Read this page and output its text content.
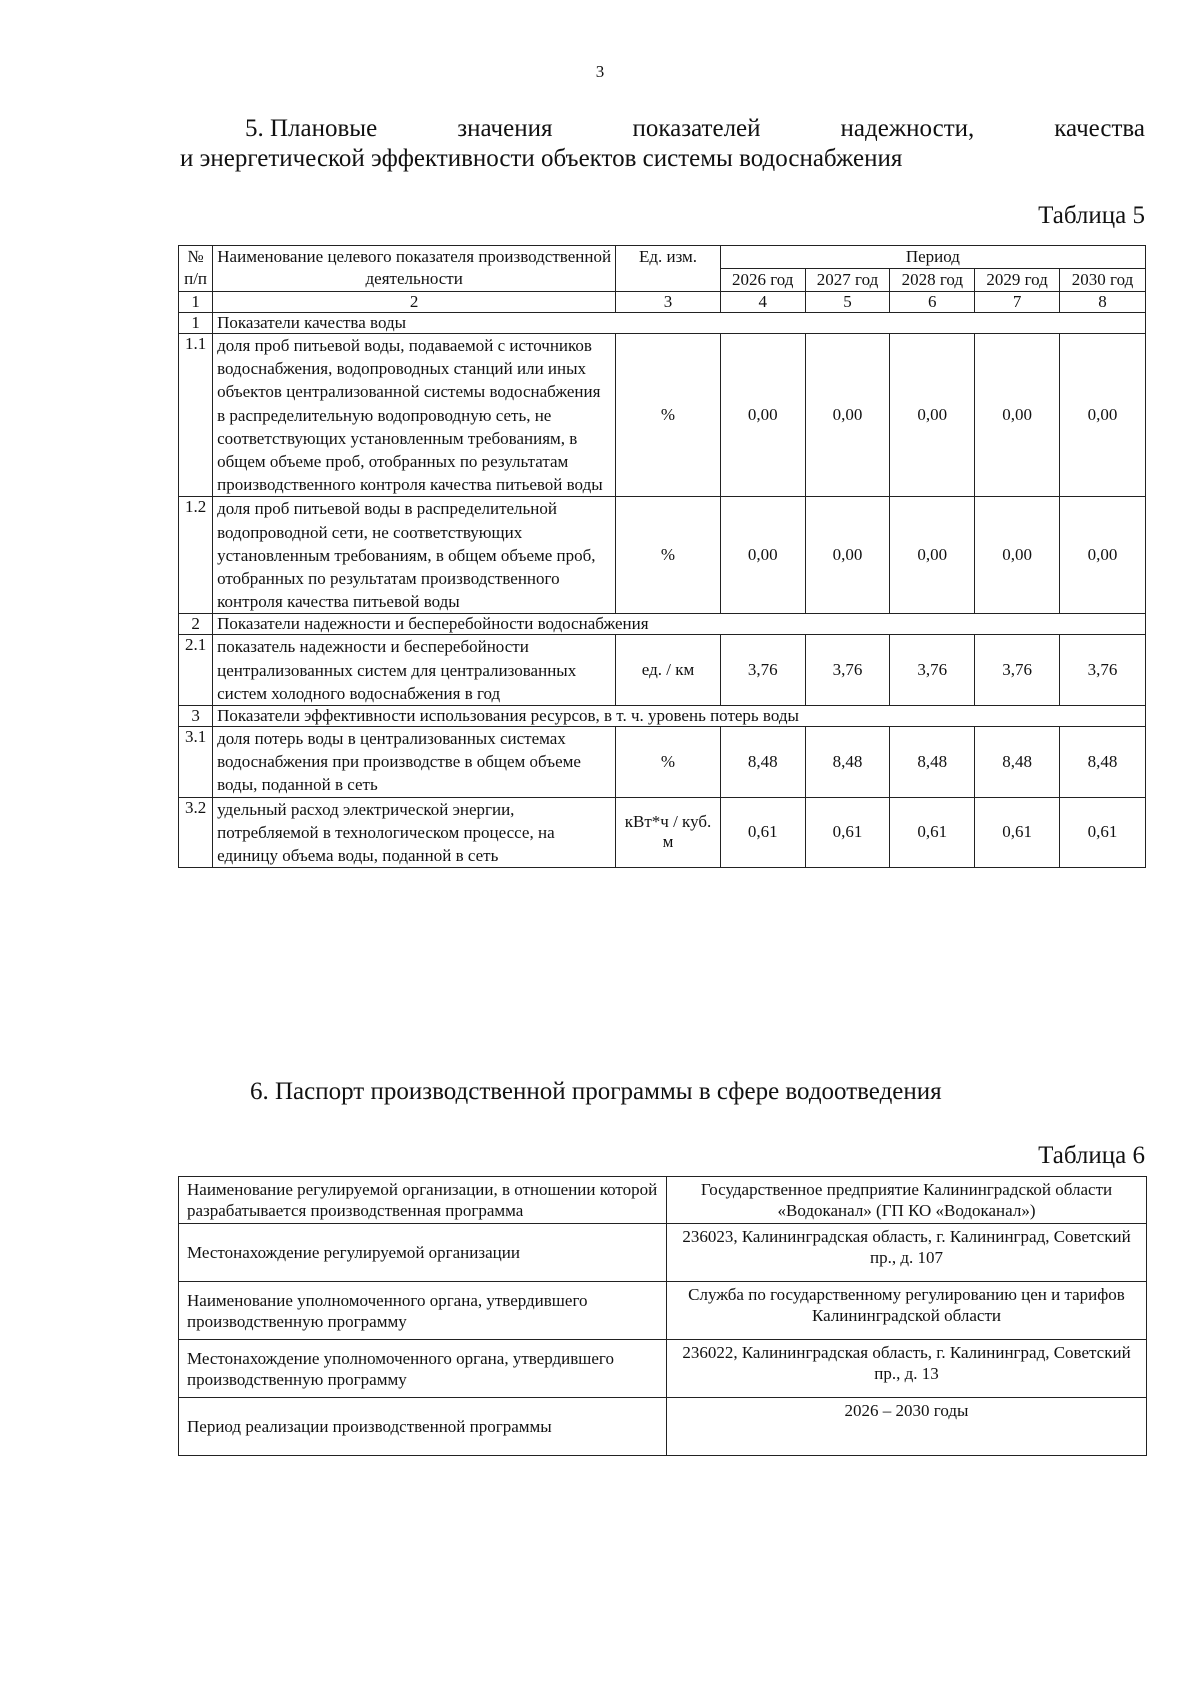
3
5. Плановые	значения	показателей	надежности,	качества
и энергетической эффективности объектов системы водоснабжения
Таблица 5
№ п/п	Наименование целевого показателя производственной деятельности	Ед. изм.	Период				
			2026 год	2027 год	2028 год	2029 год	2030 год
1	2	3	4	5	6	7	8
1	Показатели качества воды						
1.1	доля проб питьевой воды, подаваемой с источников водоснабжения, водопроводных станций или иных объектов централизованной системы водоснабжения в распределительную водопроводную сеть, не соответствующих установленным требованиям, в общем объеме проб, отобранных по результатам производственного контроля качества питьевой воды	%	0,00	0,00	0,00	0,00	0,00
1.2	доля проб питьевой воды в распределительной водопроводной сети, не соответствующих установленным требованиям, в общем объеме проб, отобранных по результатам производственного контроля качества питьевой воды	%	0,00	0,00	0,00	0,00	0,00
2	Показатели надежности и бесперебойности водоснабжения						
2.1	показатель надежности и бесперебойности централизованных систем для централизованных систем холодного водоснабжения в год	ед. / км	3,76	3,76	3,76	3,76	3,76
3	Показатели эффективности использования ресурсов, в т. ч. уровень потерь воды						
3.1	доля потерь воды в централизованных системах водоснабжения при производстве в общем объеме воды, поданной в сеть	%	8,48	8,48	8,48	8,48	8,48
3.2	удельный расход электрической энергии, потребляемой в технологическом процессе, на единицу объема воды, поданной в сеть	кВт*ч / куб. м	0,61	0,61	0,61	0,61	0,61
6. Паспорт производственной программы в сфере водоотведения
Таблица 6
Наименование регулируемой организации, в отношении которой разрабатывается производственная программа	Государственное предприятие Калининградской области «Водоканал» (ГП КО «Водоканал»)
Местонахождение регулируемой организации	236023, Калининградская область, г. Калининград, Советский пр., д. 107
Наименование уполномоченного органа, утвердившего производственную программу	Служба по государственному регулированию цен и тарифов Калининградской области
Местонахождение уполномоченного органа, утвердившего производственную программу	236022, Калининградская область, г. Калининград, Советский пр., д. 13
Период реализации производственной программы	2026 – 2030 годы
